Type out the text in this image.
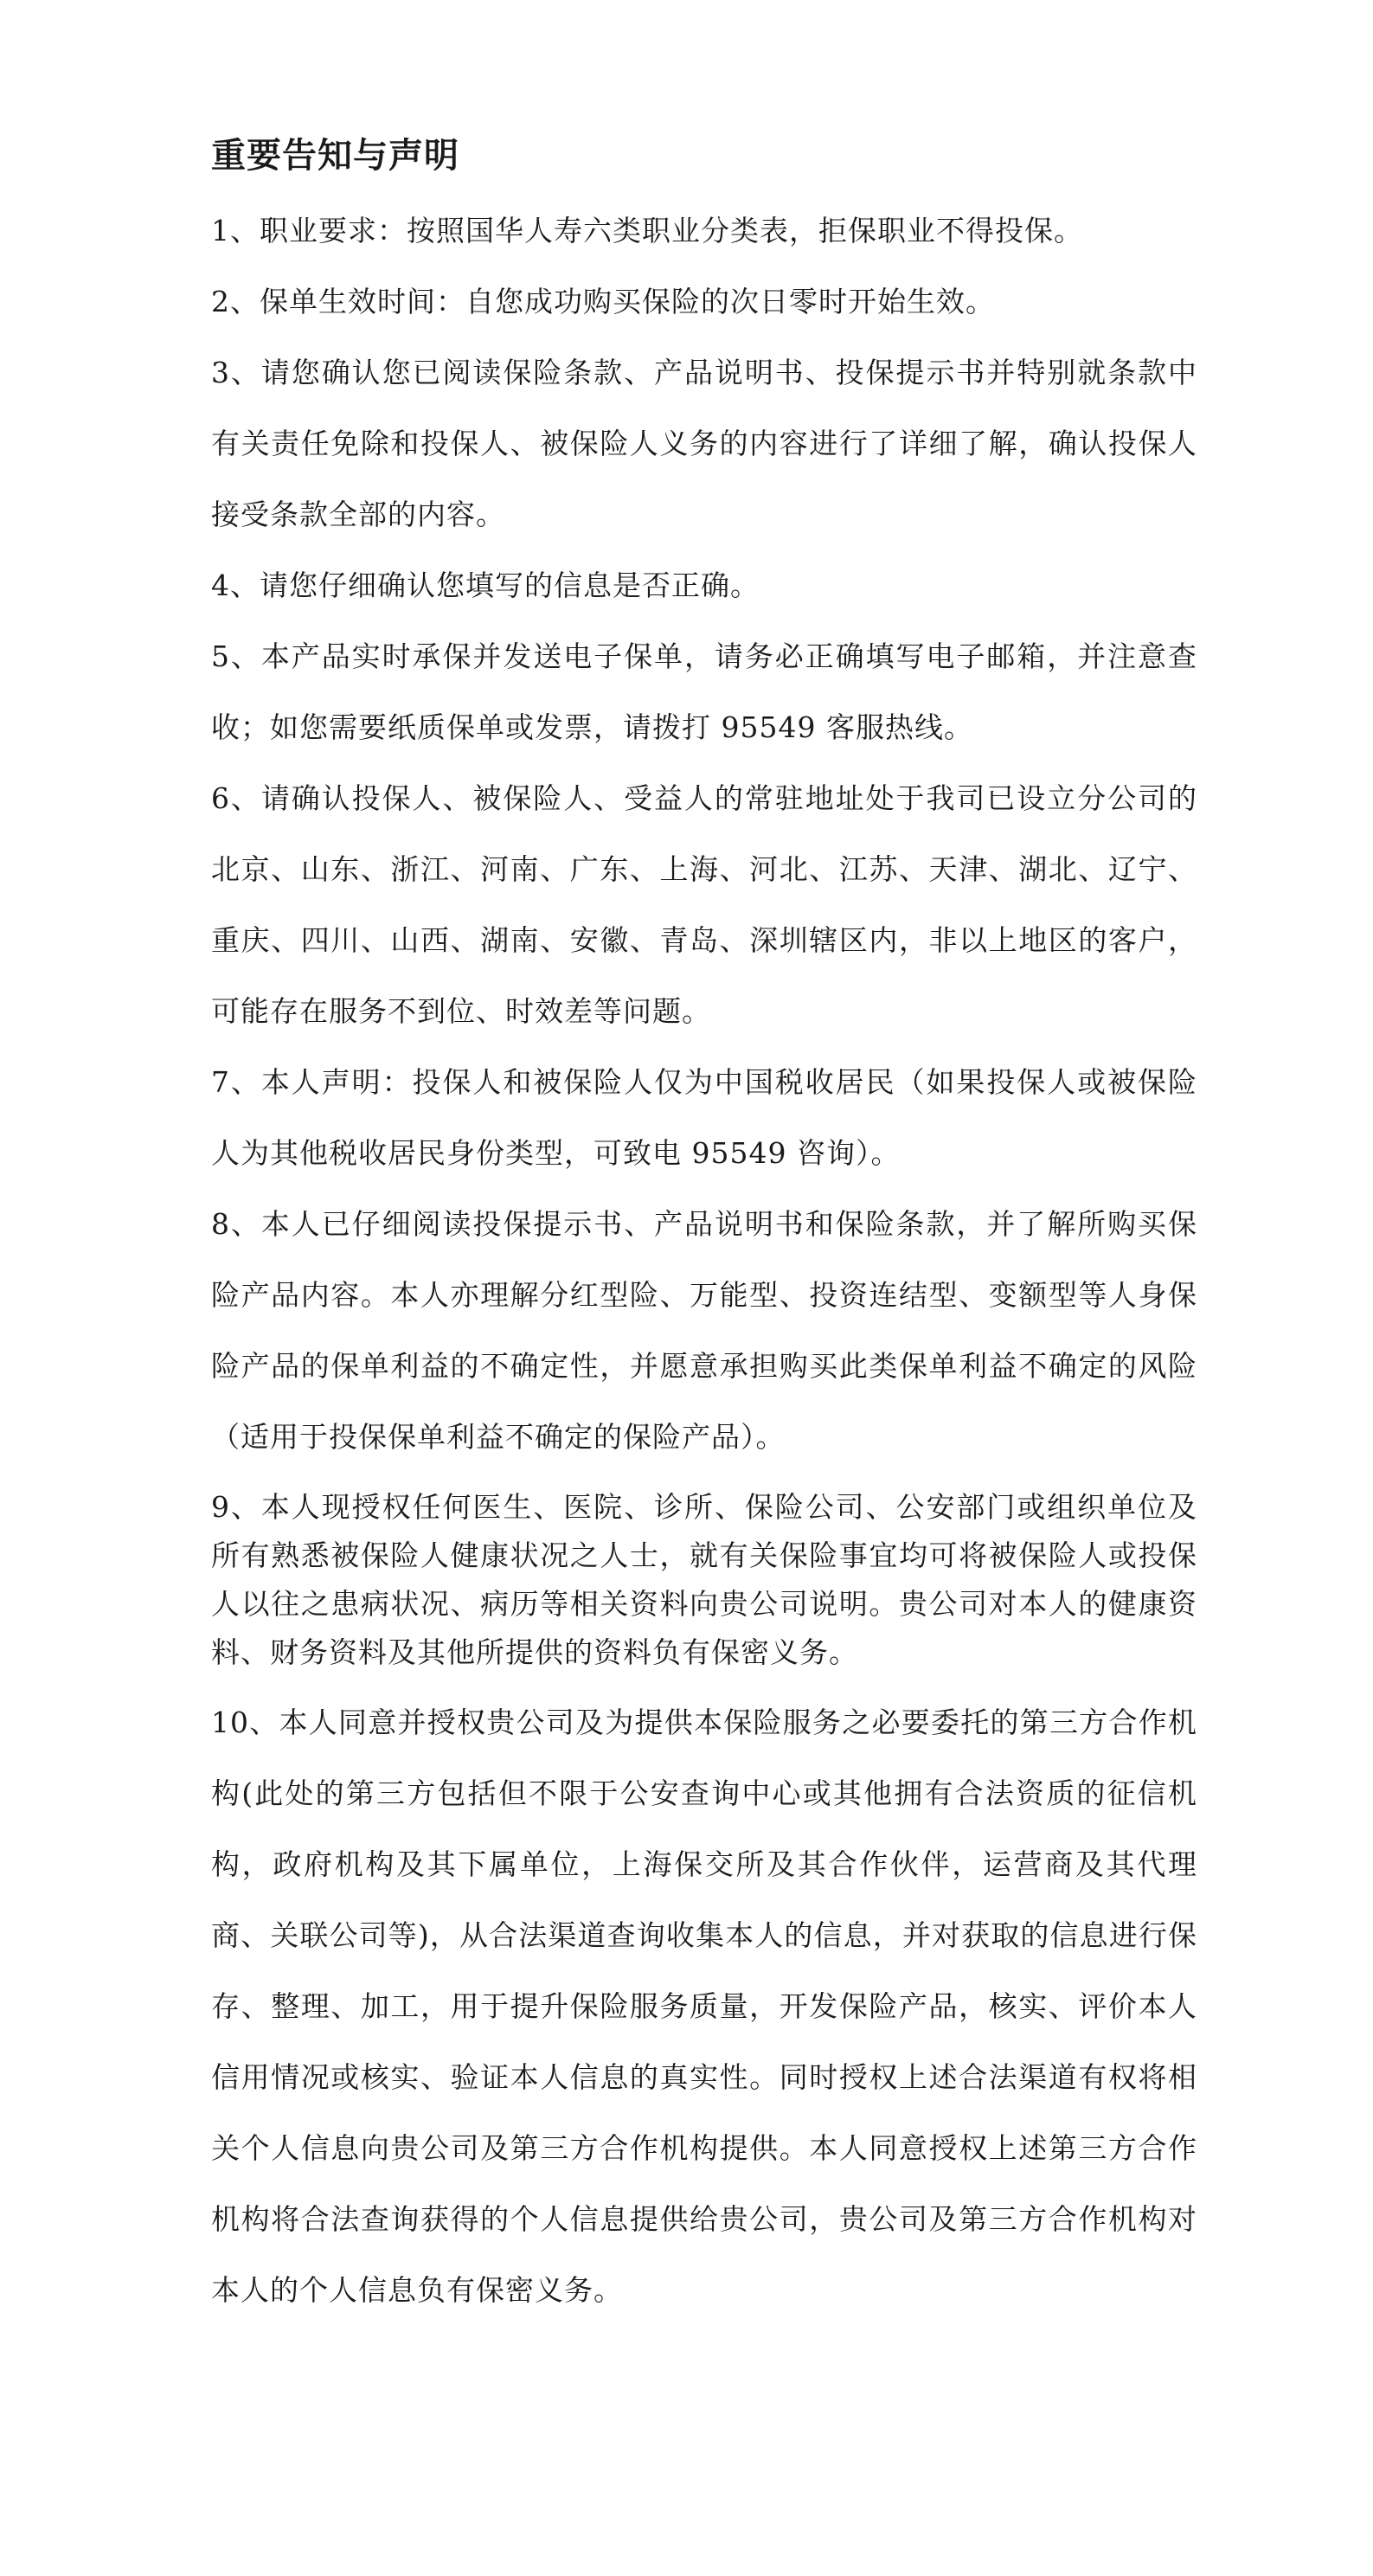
重要告知与声明

1、职业要求：按照国华人寿六类职业分类表，拒保职业不得投保。

2、保单生效时间：自您成功购买保险的次日零时开始生效。

3、请您确认您已阅读保险条款、产品说明书、投保提示书并特别就条款中有关责任免除和投保人、被保险人义务的内容进行了详细了解，确认投保人接受条款全部的内容。

4、请您仔细确认您填写的信息是否正确。

5、本产品实时承保并发送电子保单，请务必正确填写电子邮箱，并注意查收；如您需要纸质保单或发票，请拨打 95549 客服热线。

6、请确认投保人、被保险人、受益人的常驻地址处于我司已设立分公司的北京、山东、浙江、河南、广东、上海、河北、江苏、天津、湖北、辽宁、重庆、四川、山西、湖南、安徽、青岛、深圳辖区内，非以上地区的客户，可能存在服务不到位、时效差等问题。

7、本人声明：投保人和被保险人仅为中国税收居民（如果投保人或被保险人为其他税收居民身份类型，可致电 95549 咨询）。

8、本人已仔细阅读投保提示书、产品说明书和保险条款，并了解所购买保险产品内容。本人亦理解分红型险、万能型、投资连结型、变额型等人身保险产品的保单利益的不确定性，并愿意承担购买此类保单利益不确定的风险（适用于投保保单利益不确定的保险产品）。

9、本人现授权任何医生、医院、诊所、保险公司、公安部门或组织单位及所有熟悉被保险人健康状况之人士，就有关保险事宜均可将被保险人或投保人以往之患病状况、病历等相关资料向贵公司说明。贵公司对本人的健康资料、财务资料及其他所提供的资料负有保密义务。

10、本人同意并授权贵公司及为提供本保险服务之必要委托的第三方合作机构(此处的第三方包括但不限于公安查询中心或其他拥有合法资质的征信机构，政府机构及其下属单位，上海保交所及其合作伙伴，运营商及其代理商、关联公司等)，从合法渠道查询收集本人的信息，并对获取的信息进行保存、整理、加工，用于提升保险服务质量，开发保险产品，核实、评价本人信用情况或核实、验证本人信息的真实性。同时授权上述合法渠道有权将相关个人信息向贵公司及第三方合作机构提供。本人同意授权上述第三方合作机构将合法查询获得的个人信息提供给贵公司，贵公司及第三方合作机构对本人的个人信息负有保密义务。
